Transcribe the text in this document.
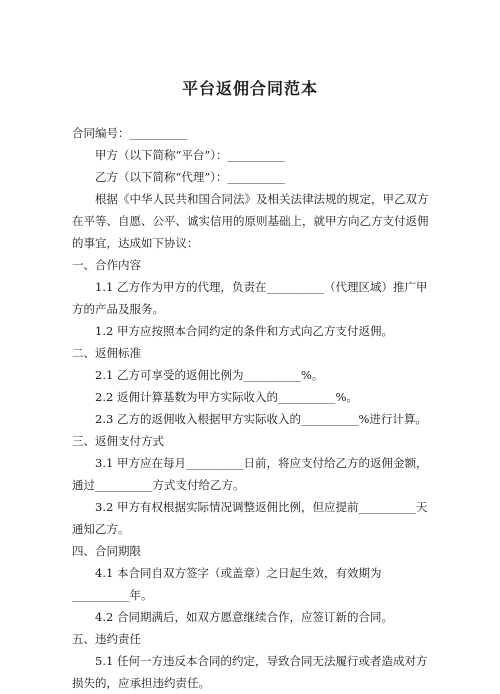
平台返佣合同范本

合同编号：__________

甲方（以下简称“平台”）：__________

乙方（以下简称“代理”）：__________

根据《中华人民共和国合同法》及相关法律法规的规定，甲乙双方在平等、自愿、公平、诚实信用的原则基础上，就甲方向乙方支付返佣的事宜，达成如下协议：

一、合作内容

1.1 乙方作为甲方的代理，负责在__________（代理区域）推广甲方的产品及服务。

1.2 甲方应按照本合同约定的条件和方式向乙方支付返佣。

二、返佣标准

2.1 乙方可享受的返佣比例为__________%。

2.2 返佣计算基数为甲方实际收入的__________%。

2.3 乙方的返佣收入根据甲方实际收入的__________%进行计算。

三、返佣支付方式

3.1 甲方应在每月__________日前，将应支付给乙方的返佣金额，通过__________方式支付给乙方。

3.2 甲方有权根据实际情况调整返佣比例，但应提前__________天通知乙方。

四、合同期限

4.1 本合同自双方签字（或盖章）之日起生效，有效期为__________年。

4.2 合同期满后，如双方愿意继续合作，应签订新的合同。

五、违约责任

5.1 任何一方违反本合同的约定，导致合同无法履行或者造成对方损失的，应承担违约责任。
